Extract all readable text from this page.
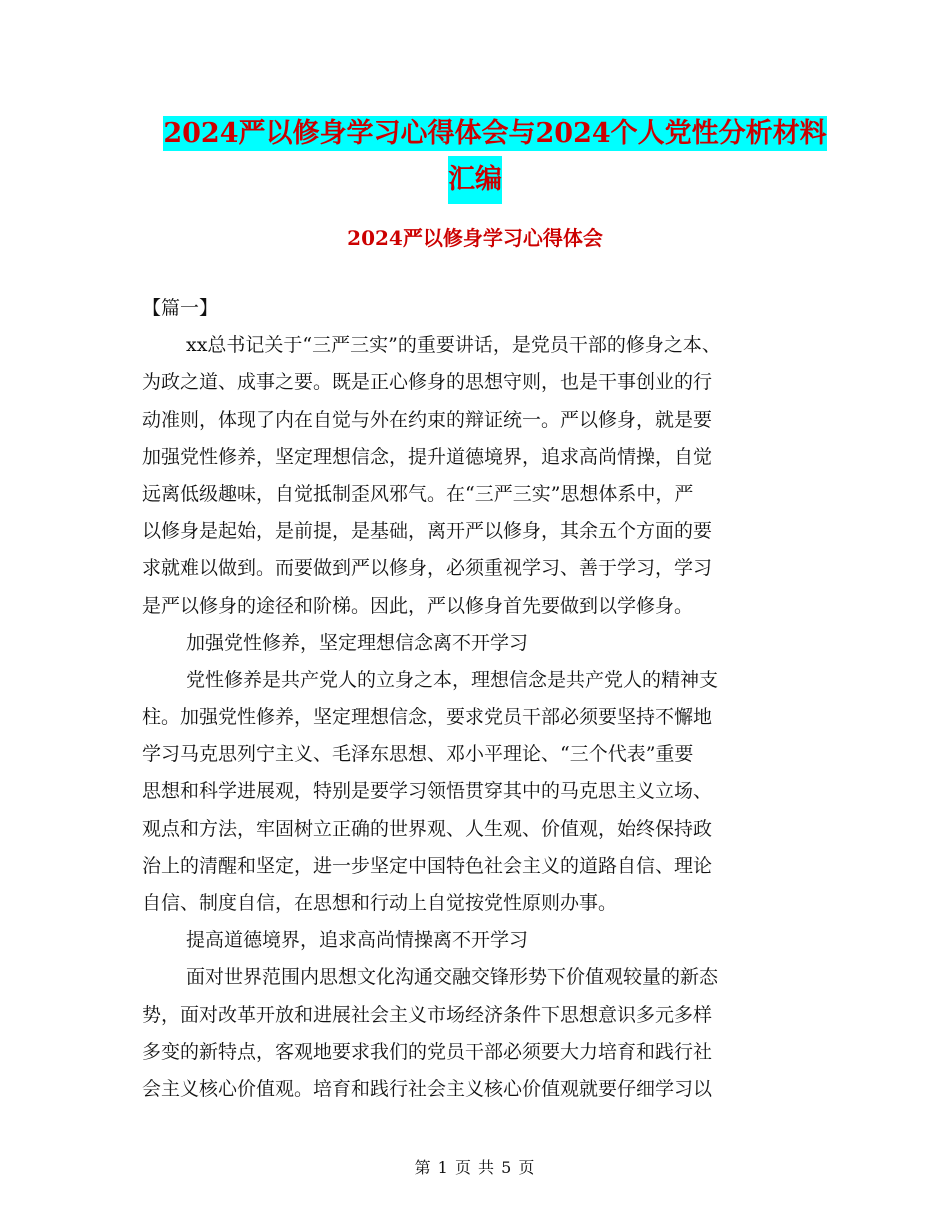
2024严以修身学习心得体会与2024个人党性分析材料
汇编
2024严以修身学习心得体会
【篇一】
xx总书记关于“三严三实”的重要讲话，是党员干部的修身之本、
为政之道、成事之要。既是正心修身的思想守则，也是干事创业的行
动准则，体现了内在自觉与外在约束的辩证统一。严以修身，就是要
加强党性修养，坚定理想信念，提升道德境界，追求高尚情操，自觉
远离低级趣味，自觉抵制歪风邪气。在“三严三实”思想体系中，严
以修身是起始，是前提，是基础，离开严以修身，其余五个方面的要
求就难以做到。而要做到严以修身，必须重视学习、善于学习，学习
是严以修身的途径和阶梯。因此，严以修身首先要做到以学修身。
加强党性修养，坚定理想信念离不开学习
党性修养是共产党人的立身之本，理想信念是共产党人的精神支
柱。加强党性修养，坚定理想信念，要求党员干部必须要坚持不懈地
学习马克思列宁主义、毛泽东思想、邓小平理论、“三个代表”重要
思想和科学进展观，特别是要学习领悟贯穿其中的马克思主义立场、
观点和方法，牢固树立正确的世界观、人生观、价值观，始终保持政
治上的清醒和坚定，进一步坚定中国特色社会主义的道路自信、理论
自信、制度自信，在思想和行动上自觉按党性原则办事。
提高道德境界，追求高尚情操离不开学习
面对世界范围内思想文化沟通交融交锋形势下价值观较量的新态
势，面对改革开放和进展社会主义市场经济条件下思想意识多元多样
多变的新特点，客观地要求我们的党员干部必须要大力培育和践行社
会主义核心价值观。培育和践行社会主义核心价值观就要仔细学习以
第 1 页 共 5 页
